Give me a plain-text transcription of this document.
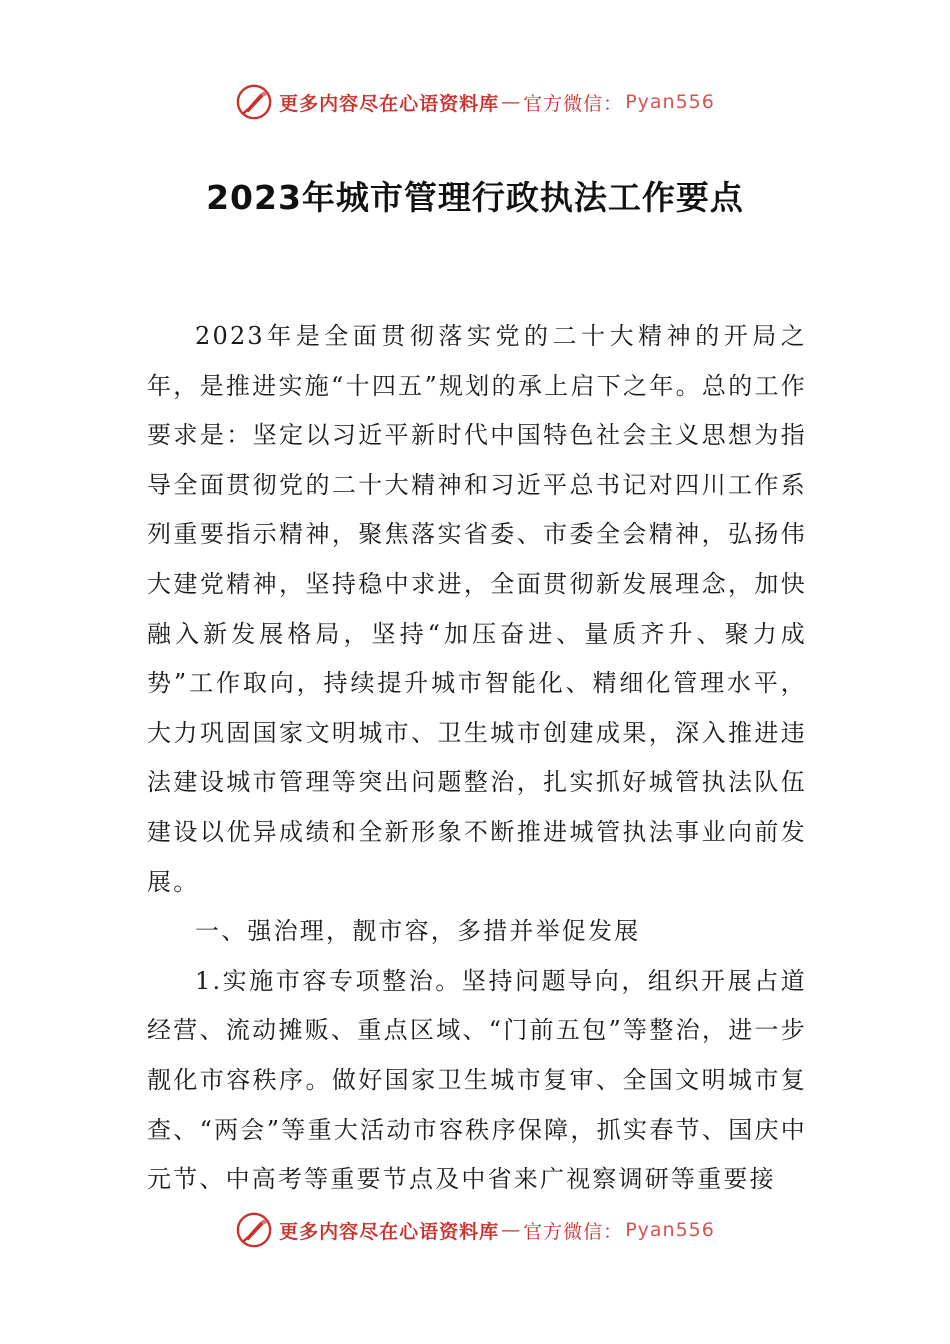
更多内容尽在心语资料库 — 官方微信： Pyan556
2023年城市管理行政执法工作要点

2023年是全面贯彻落实党的二十大精神的开局之年，是推进实施“十四五”规划的承上启下之年。总的工作要求是：坚定以习近平新时代中国特色社会主义思想为指导全面贯彻党的二十大精神和习近平总书记对四川工作系列重要指示精神，聚焦落实省委、市委全会精神，弘扬伟大建党精神，坚持稳中求进，全面贯彻新发展理念，加快融入新发展格局，坚持“加压奋进、量质齐升、聚力成势”工作取向，持续提升城市智能化、精细化管理水平，大力巩固国家文明城市、卫生城市创建成果，深入推进违法建设城市管理等突出问题整治，扎实抓好城管执法队伍建设以优异成绩和全新形象不断推进城管执法事业向前发展。

一、强治理，靓市容，多措并举促发展

1.实施市容专项整治。坚持问题导向，组织开展占道经营、流动摊贩、重点区域、“门前五包”等整治，进一步靓化市容秩序。做好国家卫生城市复审、全国文明城市复查、“两会”等重大活动市容秩序保障，抓实春节、国庆中元节、中高考等重要节点及中省来广视察调研等重要接

更多内容尽在心语资料库 — 官方微信： Pyan556
